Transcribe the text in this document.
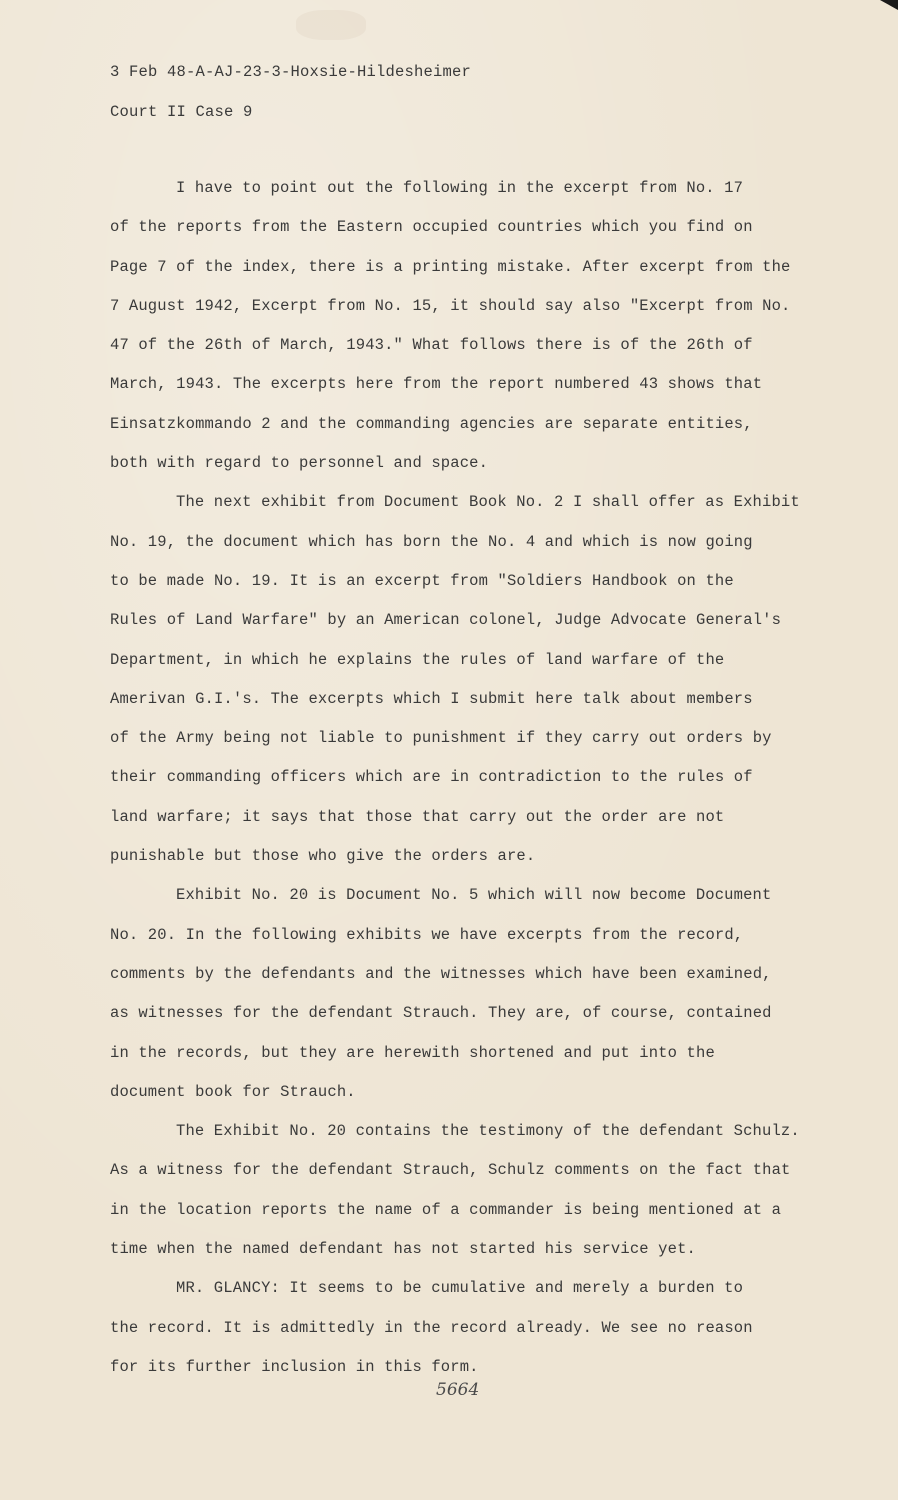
3 Feb 48-A-AJ-23-3-Hoxsie-Hildesheimer
Court II Case 9
I have to point out the following in the excerpt from No. 17
of the reports from the Eastern occupied countries which you find on
Page 7 of the index, there is a printing mistake. After excerpt from the
7 August 1942, Excerpt from No. 15, it should say also "Excerpt from No.
47 of the 26th of March, 1943." What follows there is of the 26th of
March, 1943. The excerpts here from the report numbered 43 shows that
Einsatzkommando 2 and the commanding agencies are separate entities,
both with regard to personnel and space.
The next exhibit from Document Book No. 2 I shall offer as Exhibit
No. 19, the document which has born the No. 4 and which is now going
to be made No. 19. It is an excerpt from "Soldiers Handbook on the
Rules of Land Warfare" by an American colonel, Judge Advocate General's
Department, in which he explains the rules of land warfare of the
Amerivan G.I.'s. The excerpts which I submit here talk about members
of the Army being not liable to punishment if they carry out orders by
their commanding officers which are in contradiction to the rules of
land warfare; it says that those that carry out the order are not
punishable but those who give the orders are.
Exhibit No. 20 is Document No. 5 which will now become Document
No. 20. In the following exhibits we have excerpts from the record,
comments by the defendants and the witnesses which have been examined,
as witnesses for the defendant Strauch. They are, of course, contained
in the records, but they are herewith shortened and put into the
document book for Strauch.
The Exhibit No. 20 contains the testimony of the defendant Schulz.
As a witness for the defendant Strauch, Schulz comments on the fact that
in the location reports the name of a commander is being mentioned at a
time when the named defendant has not started his service yet.
MR. GLANCY: It seems to be cumulative and merely a burden to
the record. It is admittedly in the record already. We see no reason
for its further inclusion in this form.
5664
